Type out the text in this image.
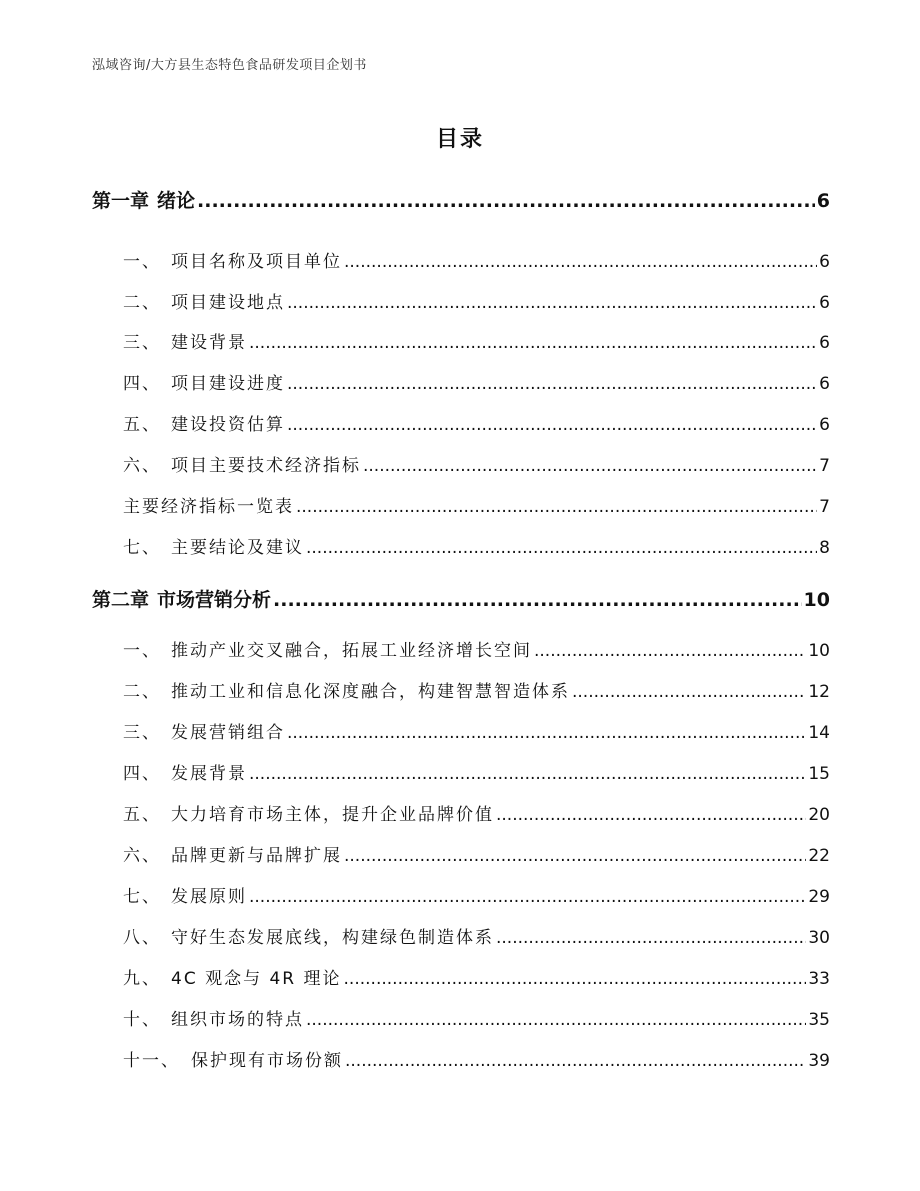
泓域咨询/大方县生态特色食品研发项目企划书
目录
第一章 绪论 .....	6
一、 项目名称及项目单位 .....	6
二、 项目建设地点 .....	6
三、 建设背景 .....	6
四、 项目建设进度 .....	6
五、 建设投资估算 .....	6
六、 项目主要技术经济指标 .....	7
主要经济指标一览表 .....	7
七、 主要结论及建议 .....	8
第二章 市场营销分析 .....	10
一、 推动产业交叉融合，拓展工业经济增长空间 .....	10
二、 推动工业和信息化深度融合，构建智慧智造体系 .....	12
三、 发展营销组合 .....	14
四、 发展背景 .....	15
五、 大力培育市场主体，提升企业品牌价值 .....	20
六、 品牌更新与品牌扩展 .....	22
七、 发展原则 .....	29
八、 守好生态发展底线，构建绿色制造体系 .....	30
九、 4C 观念与 4R 理论 .....	33
十、 组织市场的特点 .....	35
十一、 保护现有市场份额 .....	39
